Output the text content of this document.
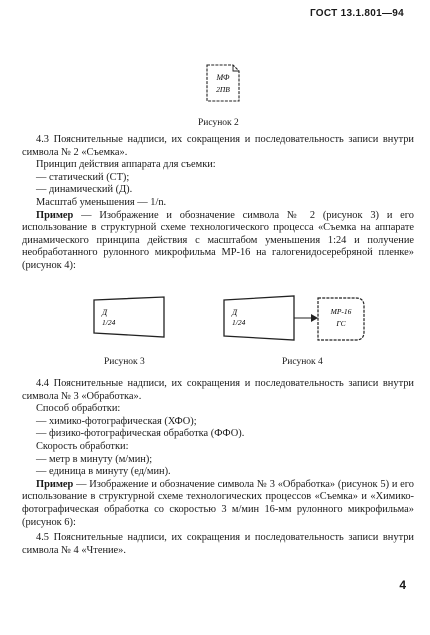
ГОСТ 13.1.801—94
МФ
2ПВ
Рисунок 2

4.3 Пояснительные надписи, их сокращения и последовательность записи внутри символа № 2 «Съемка».

Принцип действия аппарата для съемки:

— статический (СТ);

— динамический (Д).

Масштаб уменьшения — 1/n.

Пример — Изображение и обозначение символа № 2 (рисунок 3) и его использование в структурной схеме технологического процесса «Съемка на аппарате динамического принципа действия с масштабом уменьшения 1:24 и получение необработанного рулонного микрофильма МР-16 на галогенидосеребряной пленке» (рисунок 4):

Д
1/24
Рисунок 3
Д
1/24
МР-16
ГС
Рисунок 4

4.4 Пояснительные надписи, их сокращения и последовательность записи внутри символа № 3 «Обработка».

Способ обработки:

— химико-фотографическая (ХФО);

— физико-фотографическая обработка (ФФО).

Скорость обработки:

— метр в минуту (м/мин);

— единица в минуту (ед/мин).

Пример — Изображение и обозначение символа № 3 «Обработка» (рисунок 5) и его использование в структурной схеме технологических процессов «Съемка» и «Химико-фотографическая обработка со скоростью 3 м/мин 16-мм рулонного микрофильма» (рисунок 6):

4.5 Пояснительные надписи, их сокращения и последовательность записи внутри символа № 4 «Чтение».

4
